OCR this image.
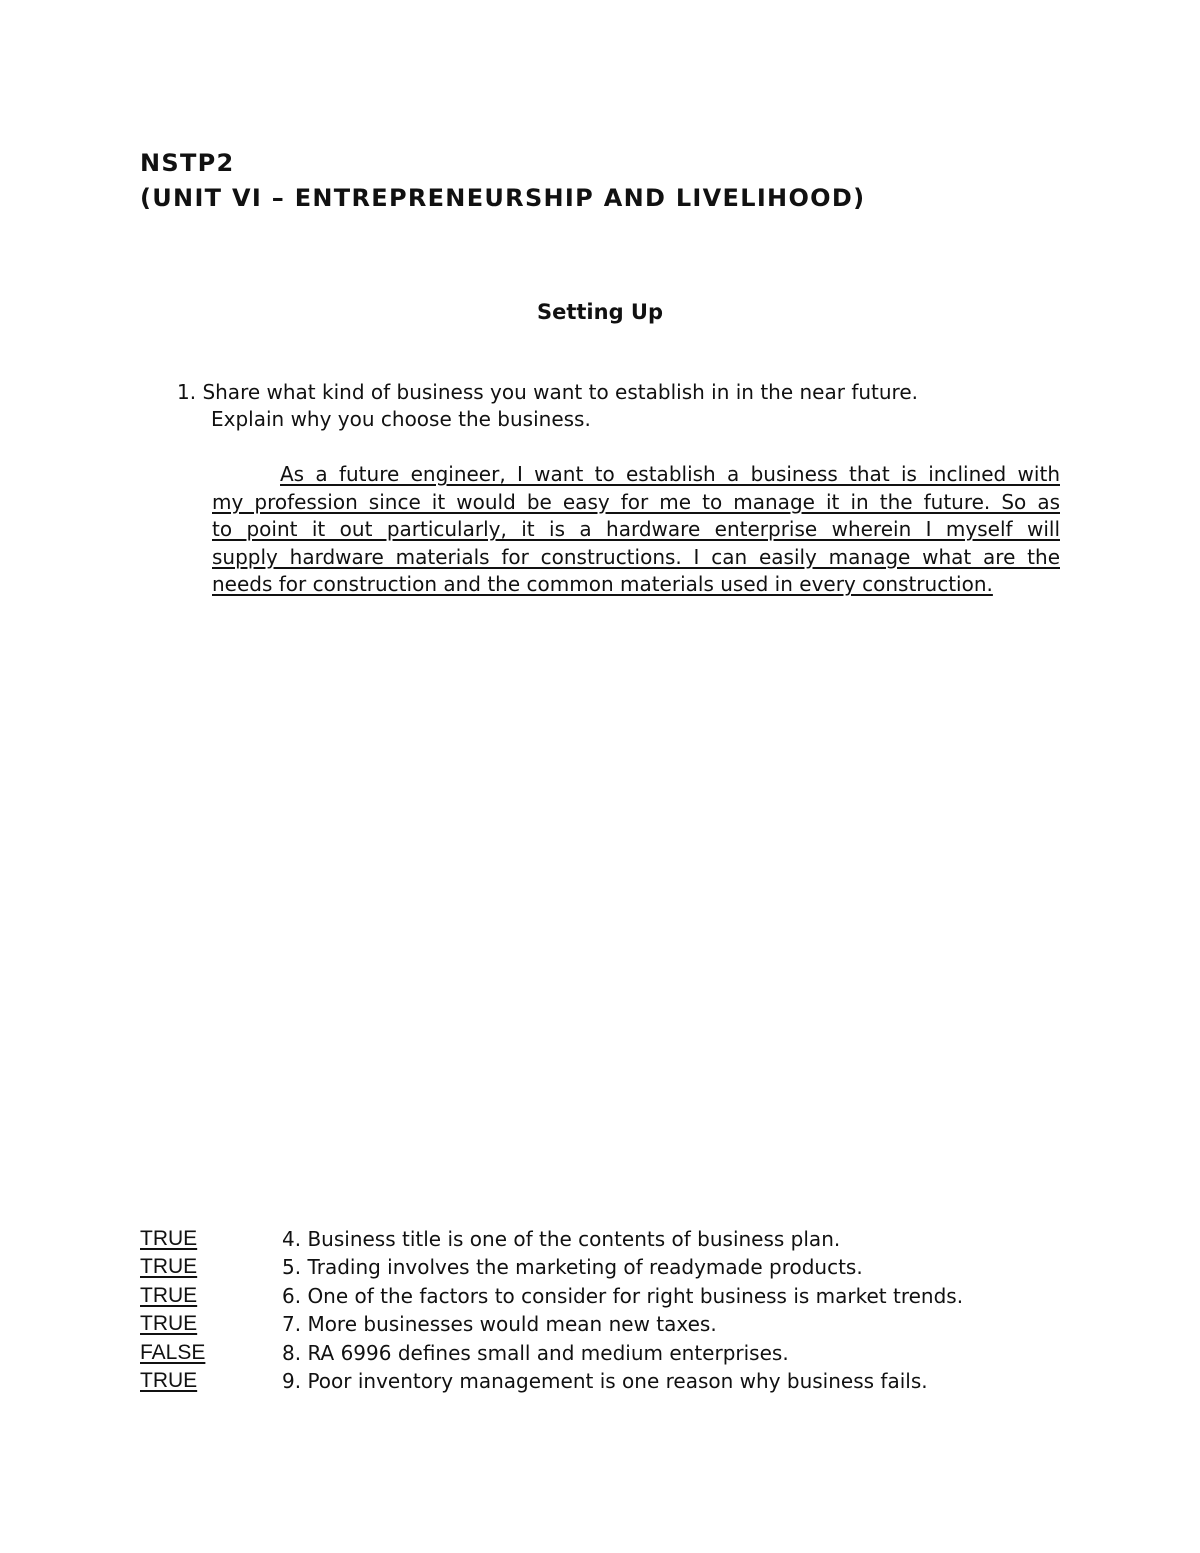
NSTP2
(UNIT VI – ENTREPRENEURSHIP AND LIVELIHOOD)
Setting Up
1. Share what kind of business you want to establish in in the near future.
Explain why you choose the business.
As a future engineer, I want to establish a business that is inclined with
my profession since it would be easy for me to manage it in the future. So as
to point it out particularly, it is a hardware enterprise wherein I myself will
supply hardware materials for constructions. I can easily manage what are the
needs for construction and the common materials used in every construction.
TRUE	4. Business title is one of the contents of business plan.
TRUE	5. Trading involves the marketing of readymade products.
TRUE	6. One of the factors to consider for right business is market trends.
TRUE	7. More businesses would mean new taxes.
FALSE	8. RA 6996 defines small and medium enterprises.
TRUE	9. Poor inventory management is one reason why business fails.
